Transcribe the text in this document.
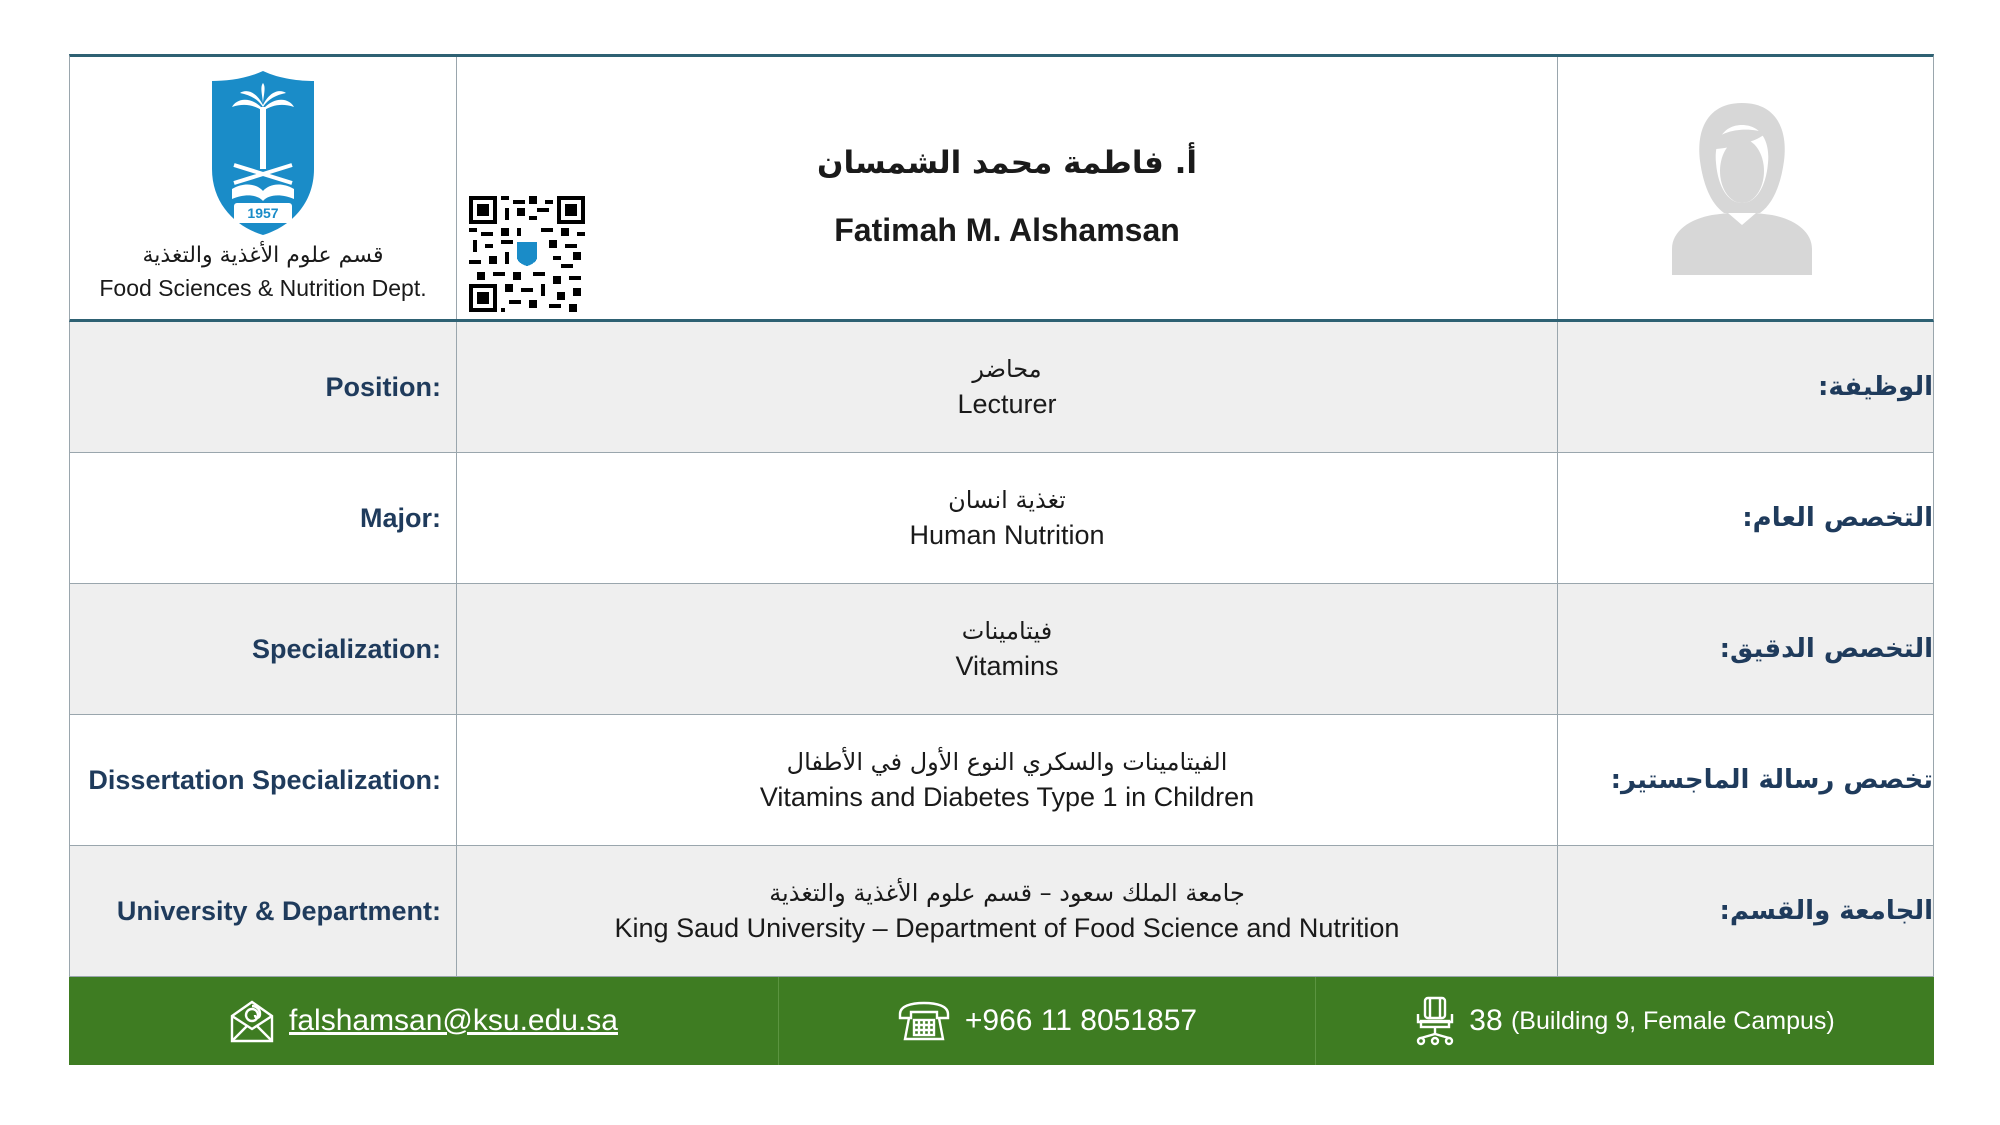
1957
قسم علوم الأغذية والتغذية
Food Sciences & Nutrition Dept.
أ. فاطمة محمد الشمسان
Fatimah M. Alshamsan
Position:
محاضر
Lecturer
الوظيفة:
Major:
تغذية انسان
Human Nutrition
التخصص العام:
Specialization:
فيتامينات
Vitamins
التخصص الدقيق:
Dissertation Specialization:
الفيتامينات والسكري النوع الأول في الأطفال
Vitamins and Diabetes Type 1 in Children
تخصص رسالة الماجستير:
University & Department:
جامعة الملك سعود – قسم علوم الأغذية والتغذية
King Saud University – Department of Food Science and Nutrition
الجامعة والقسم:
falshamsan@ksu.edu.sa	+966 11 8051857	38
(Building 9, Female Campus)
